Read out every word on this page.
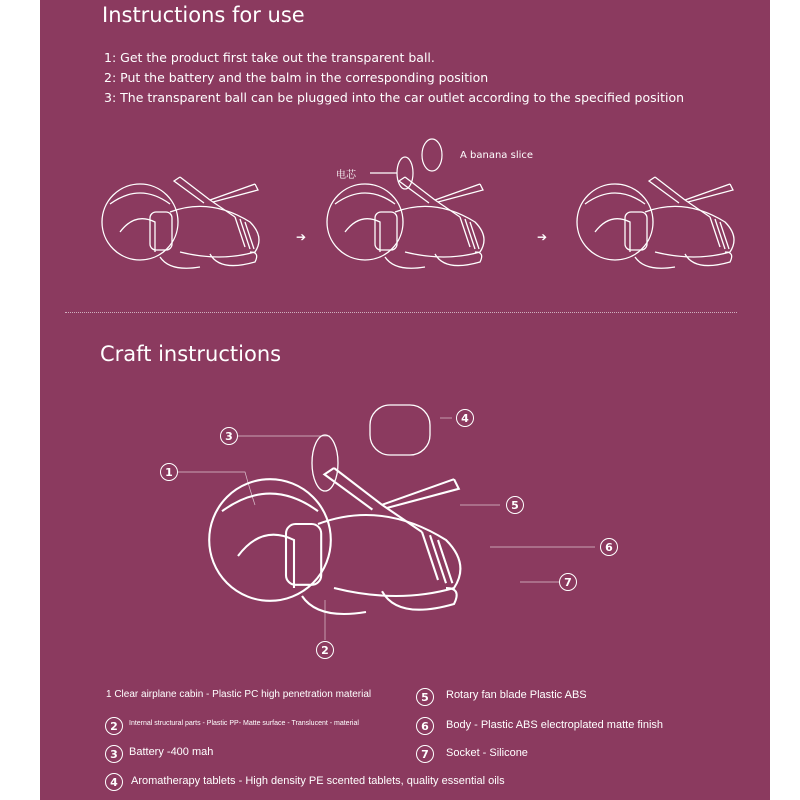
Instructions for use
1: Get the product first take out the transparent ball.
2: Put the battery and the balm in the corresponding position
3: The transparent ball can be plugged into the car outlet according to the specified position
电芯
A banana slice
➔	➔
Craft instructions
3
1
4
5
6
7
2
1 Clear airplane cabin - Plastic PC high penetration material
2	Internal structural parts - Plastic PP- Matte surface - Translucent - material
3	Battery -400 mah
4	Aromatherapy tablets - High density PE scented tablets, quality essential oils
5	Rotary fan blade Plastic ABS
6	Body - Plastic ABS electroplated matte finish
7	Socket - Silicone
